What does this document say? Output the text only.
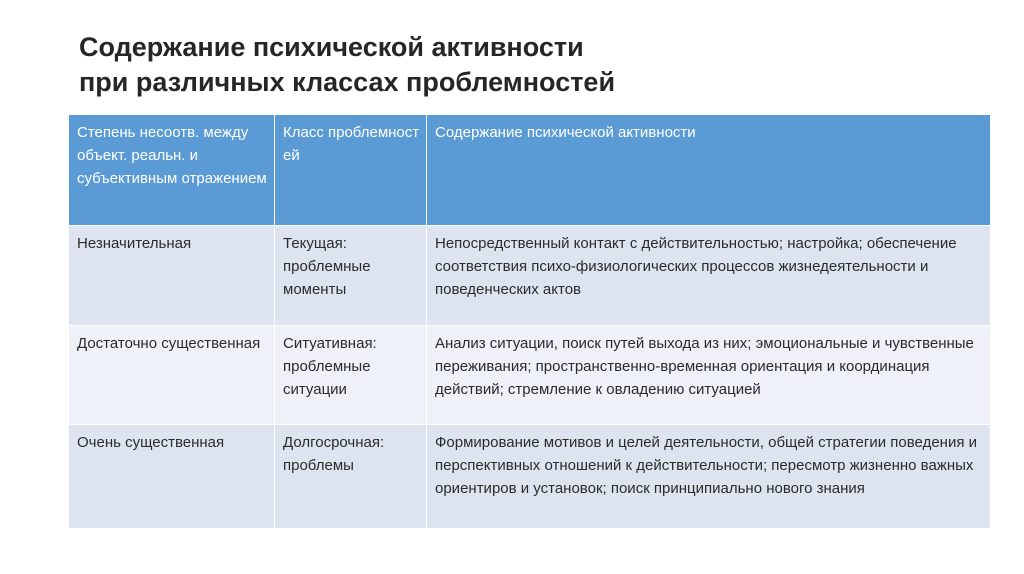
Содержание психической активности
при различных классах проблемностей
Степень несоотв. между объект. реальн. и субъективным отражением	Класс проблемност ей	Содержание психической активности

Незначительная	Текущая: проблемные моменты	Непосредственный контакт с действительностью; настройка; обеспечение соответствия психо-физиологических процессов жизнедеятельности и поведенческих актов
Достаточно существенная	Ситуативная: проблемные ситуации	Анализ ситуации, поиск путей выхода из них; эмоциональные и чувственные переживания; пространственно-временная ориентация и координация действий; стремление к овладению ситуацией
Очень существенная	Долгосрочная: проблемы	Формирование мотивов и целей деятельности, общей стратегии поведения и перспективных отношений к действительности; пересмотр жизненно важных ориентиров и установок; поиск принципиально нового знания
